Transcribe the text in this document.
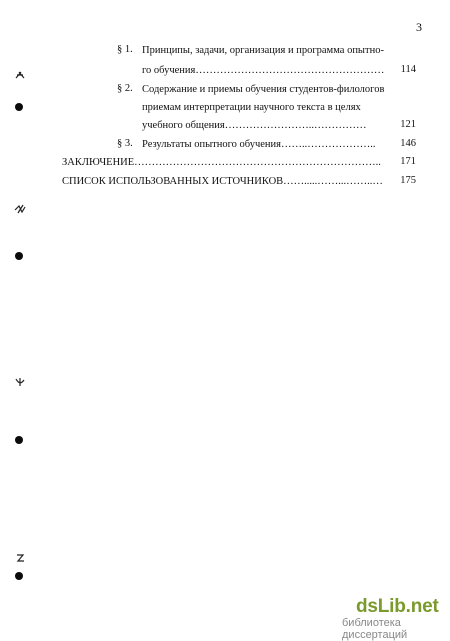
3
§ 1. Принципы, задачи, организация и программа опытно-
го обучения………………………………………………	114
§ 2. Содержание и приемы обучения студентов-филологов
приемам интерпретации научного текста в целях
учебного общения……………………..……………	121
§ 3. Результаты опытного обучения……..………………..	146
ЗАКЛЮЧЕНИЕ……………………………………………………………..	171
СПИСОК ИСПОЛЬЗОВАННЫХ ИСТОЧНИКОВ…….....……...……..…	175
dsLib.net
библиотека диссертаций
